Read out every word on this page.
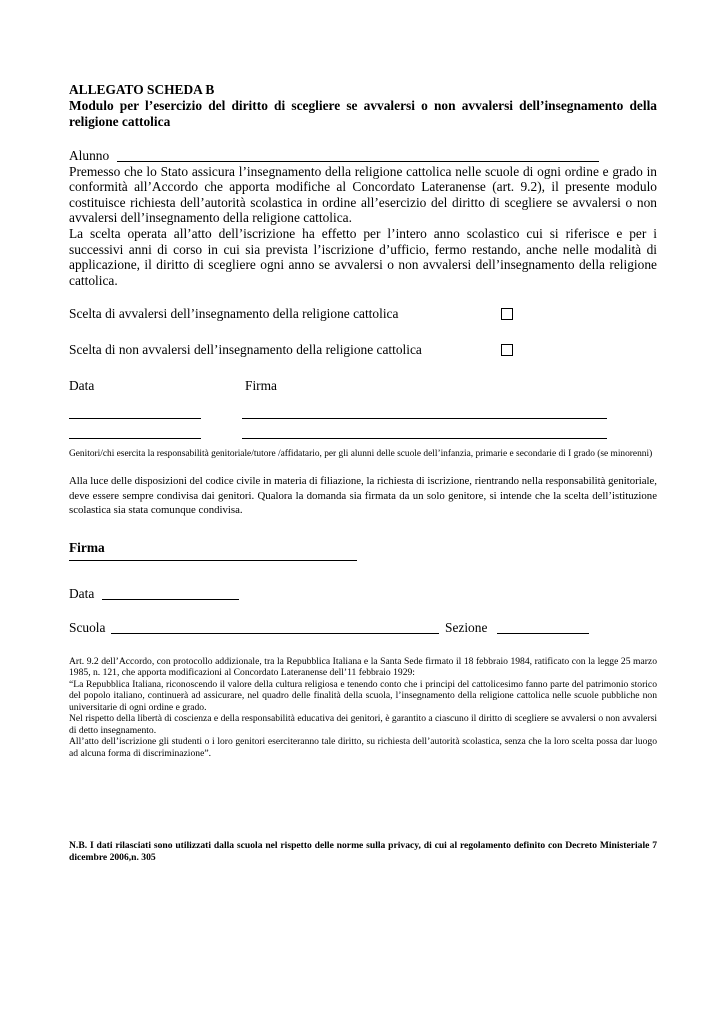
ALLEGATO SCHEDA B
Modulo per l’esercizio del diritto di scegliere se avvalersi o non avvalersi dell’insegnamento della religione cattolica
Alunno
Premesso che lo Stato assicura l’insegnamento della religione cattolica nelle scuole di ogni ordine e grado in conformità all’Accordo che apporta modifiche al Concordato Lateranense (art. 9.2), il presente modulo costituisce richiesta dell’autorità scolastica in ordine all’esercizio del diritto di scegliere se avvalersi o non avvalersi dell’insegnamento della religione cattolica.
La scelta operata all’atto dell’iscrizione ha effetto per l’intero anno scolastico cui si riferisce e per i successivi anni di corso in cui sia prevista l’iscrizione d’ufficio, fermo restando, anche nelle modalità di applicazione, il diritto di scegliere ogni anno se avvalersi o non avvalersi dell’insegnamento della religione cattolica.
Scelta di avvalersi dell’insegnamento della religione cattolica
Scelta di non avvalersi dell’insegnamento della religione cattolica
Data	Firma
Genitori/chi esercita la responsabilità genitoriale/tutore /affidatario, per gli alunni delle scuole dell’infanzia, primarie e secondarie di I grado (se minorenni)
Alla luce delle disposizioni del codice civile in materia di filiazione, la richiesta di iscrizione, rientrando nella responsabilità genitoriale, deve essere sempre condivisa dai genitori. Qualora la domanda sia firmata da un solo genitore, si intende che la scelta dell’istituzione scolastica sia stata comunque condivisa.
Firma
Data
Scuola	Sezione

Art. 9.2 dell’Accordo, con protocollo addizionale, tra la Repubblica Italiana e la Santa Sede firmato il 18 febbraio 1984, ratificato con la legge 25 marzo 1985, n. 121, che apporta modificazioni al Concordato Lateranense dell’11 febbraio 1929:

“La Repubblica Italiana, riconoscendo il valore della cultura religiosa e tenendo conto che i principi del cattolicesimo fanno parte del patrimonio storico del popolo italiano, continuerà ad assicurare, nel quadro delle finalità della scuola, l’insegnamento della religione cattolica nelle scuole pubbliche non universitarie di ogni ordine e grado.

Nel rispetto della libertà di coscienza e della responsabilità educativa dei genitori, è garantito a ciascuno il diritto di scegliere se avvalersi o non avvalersi di detto insegnamento.

All’atto dell’iscrizione gli studenti o i loro genitori eserciteranno tale diritto, su richiesta dell’autorità scolastica, senza che la loro scelta possa dar luogo ad alcuna forma di discriminazione”.

N.B. I dati rilasciati sono utilizzati dalla scuola nel rispetto delle norme sulla privacy, di cui al regolamento definito con Decreto Ministeriale 7 dicembre 2006,n. 305
